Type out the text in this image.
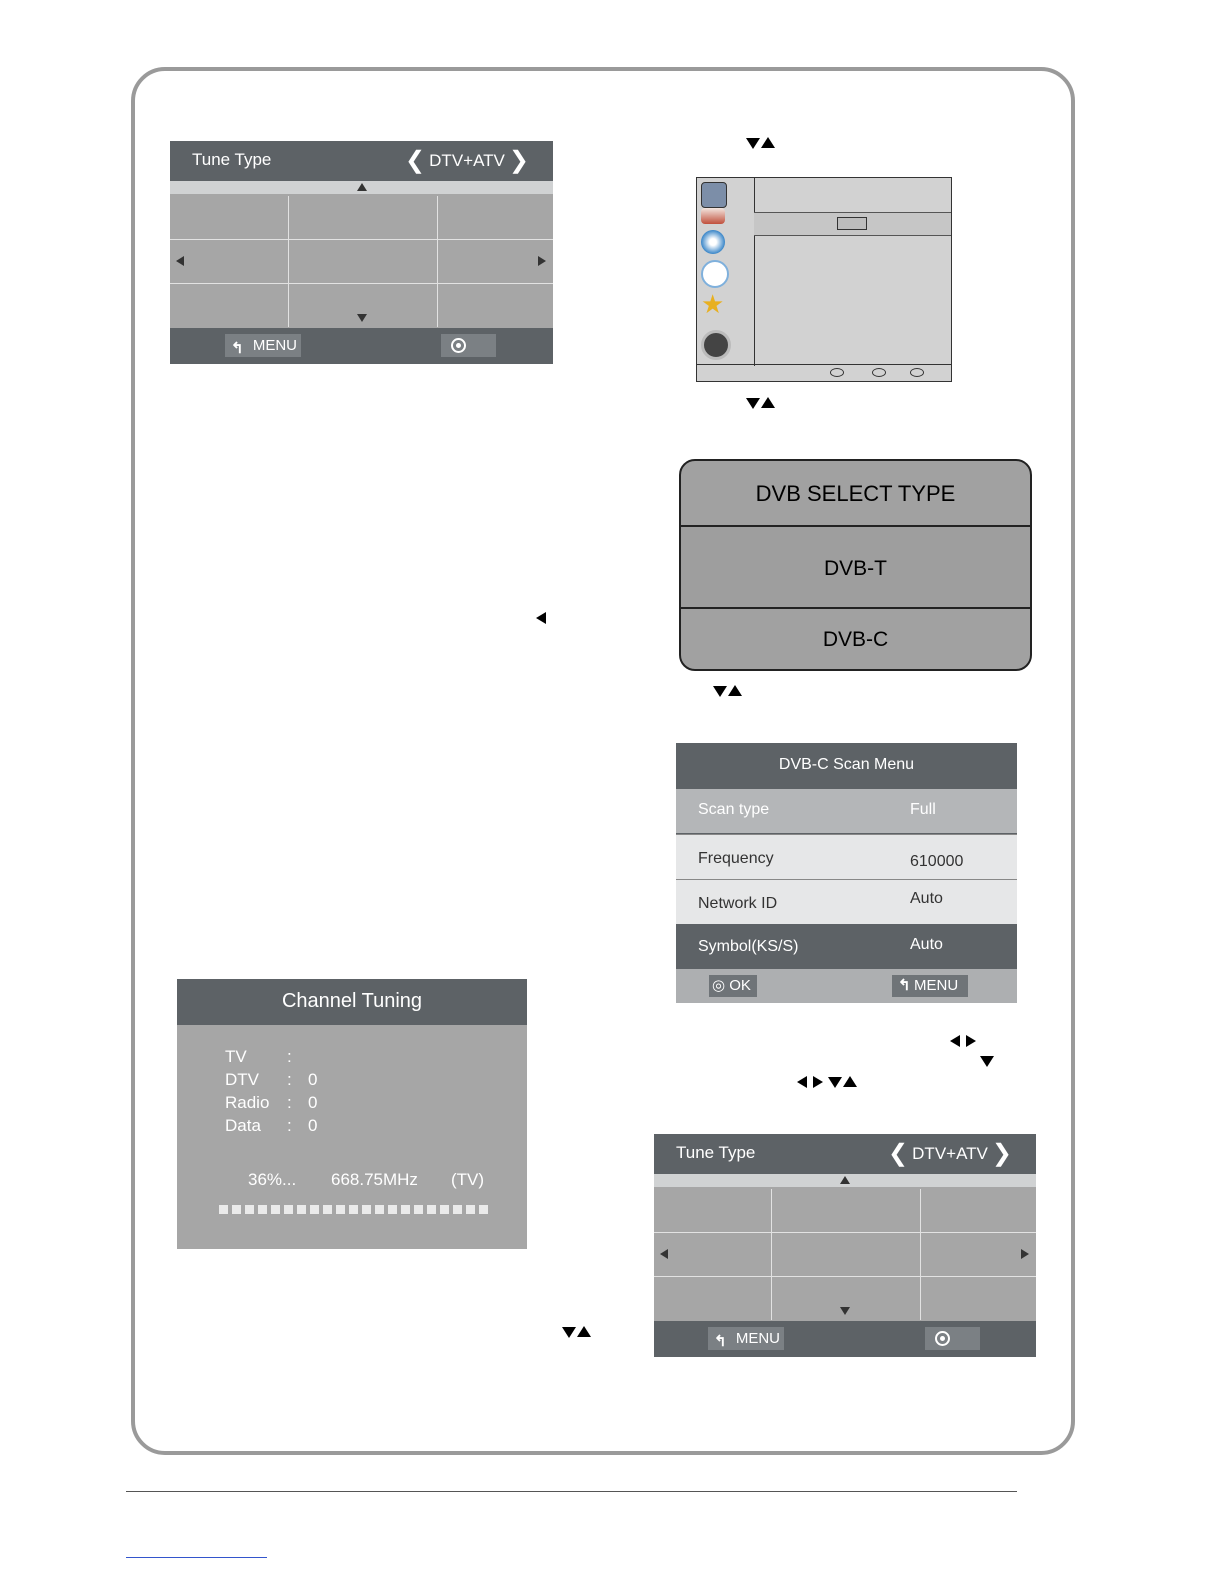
Tune Type	❮ DTV+ATV ❯
↰ MENU
★
DVB SELECT TYPE
DVB-T
DVB-C
DVB-C Scan Menu
Scan type	Full
Frequency	610000
Network ID	Auto
Symbol(KS/S)	Auto
◎ OK	↰ MENU
Channel Tuning
TV :
DTV : 0
Radio : 0
Data : 0
36%... 668.75MHz (TV)
Tune Type	❮ DTV+ATV ❯
↰ MENU
